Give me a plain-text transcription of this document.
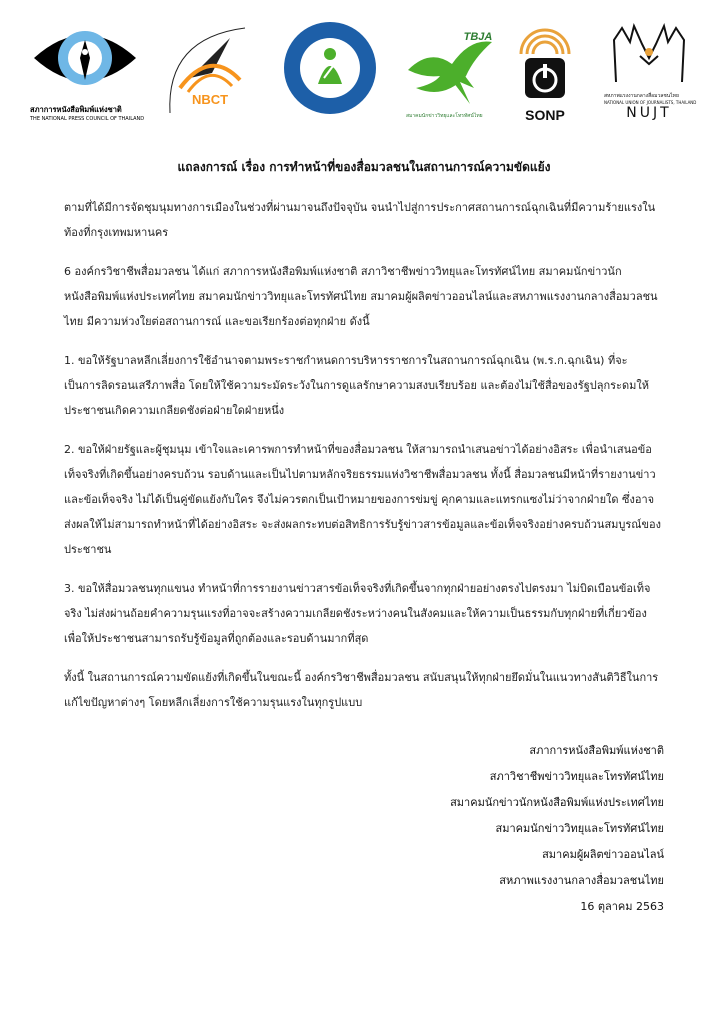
สภาการหนังสือพิมพ์แห่งชาติ
THE NATIONAL PRESS COUNCIL OF THAILAND
NBCT
TBJA
สมาคมนักข่าววิทยุและโทรทัศน์ไทย	SONP
สหภาพแรงงานกลางสื่อมวลชนไทย
NATIONAL UNION OF JOURNALISTS, THAILAND
NUJT
แถลงการณ์ เรื่อง การทำหน้าที่ของสื่อมวลชนในสถานการณ์ความขัดแย้ง

ตามที่ได้มีการจัดชุมนุมทางการเมืองในช่วงที่ผ่านมาจนถึงปัจจุบัน จนนำไปสู่การประกาศสถานการณ์ฉุกเฉินที่มีความร้ายแรงในท้องที่กรุงเทพมหานคร

6 องค์กรวิชาชีพสื่อมวลชน ได้แก่ สภาการหนังสือพิมพ์แห่งชาติ สภาวิชาชีพข่าววิทยุและโทรทัศน์ไทย สมาคมนักข่าวนักหนังสือพิมพ์แห่งประเทศไทย สมาคมนักข่าววิทยุและโทรทัศน์ไทย สมาคมผู้ผลิตข่าวออนไลน์และสหภาพแรงงานกลางสื่อมวลชนไทย มีความห่วงใยต่อสถานการณ์ และขอเรียกร้องต่อทุกฝ่าย ดังนี้

1. ขอให้รัฐบาลหลีกเลี่ยงการใช้อำนาจตามพระราชกำหนดการบริหารราชการในสถานการณ์ฉุกเฉิน (พ.ร.ก.ฉุกเฉิน) ที่จะเป็นการลิดรอนเสรีภาพสื่อ โดยให้ใช้ความระมัดระวังในการดูแลรักษาความสงบเรียบร้อย และต้องไม่ใช้สื่อของรัฐปลุกระดมให้ประชาชนเกิดความเกลียดชังต่อฝ่ายใดฝ่ายหนึ่ง

2. ขอให้ฝ่ายรัฐและผู้ชุมนุม เข้าใจและเคารพการทำหน้าที่ของสื่อมวลชน ให้สามารถนำเสนอข่าวได้อย่างอิสระ เพื่อนำเสนอข้อเท็จจริงที่เกิดขึ้นอย่างครบถ้วน รอบด้านและเป็นไปตามหลักจริยธรรมแห่งวิชาชีพสื่อมวลชน ทั้งนี้ สื่อมวลชนมีหน้าที่รายงานข่าวและข้อเท็จจริง ไม่ได้เป็นคู่ขัดแย้งกับใคร จึงไม่ควรตกเป็นเป้าหมายของการข่มขู่ คุกคามและแทรกแซงไม่ว่าจากฝ่ายใด ซึ่งอาจส่งผลให้ไม่สามารถทำหน้าที่ได้อย่างอิสระ จะส่งผลกระทบต่อสิทธิการรับรู้ข่าวสารข้อมูลและข้อเท็จจริงอย่างครบถ้วนสมบูรณ์ของประชาชน

3. ขอให้สื่อมวลชนทุกแขนง ทำหน้าที่การรายงานข่าวสารข้อเท็จจริงที่เกิดขึ้นจากทุกฝ่ายอย่างตรงไปตรงมา ไม่บิดเบือนข้อเท็จจริง ไม่ส่งผ่านถ้อยคำความรุนแรงที่อาจจะสร้างความเกลียดชังระหว่างคนในสังคมและให้ความเป็นธรรมกับทุกฝ่ายที่เกี่ยวข้อง เพื่อให้ประชาชนสามารถรับรู้ข้อมูลที่ถูกต้องและรอบด้านมากที่สุด

ทั้งนี้ ในสถานการณ์ความขัดแย้งที่เกิดขึ้นในขณะนี้ องค์กรวิชาชีพสื่อมวลชน สนับสนุนให้ทุกฝ่ายยึดมั่นในแนวทางสันติวิธีในการแก้ไขปัญหาต่างๆ โดยหลีกเลี่ยงการใช้ความรุนแรงในทุกรูปแบบ

สภาการหนังสือพิมพ์แห่งชาติ
สภาวิชาชีพข่าววิทยุและโทรทัศน์ไทย
สมาคมนักข่าวนักหนังสือพิมพ์แห่งประเทศไทย
สมาคมนักข่าววิทยุและโทรทัศน์ไทย
สมาคมผู้ผลิตข่าวออนไลน์
สหภาพแรงงานกลางสื่อมวลชนไทย
16 ตุลาคม 2563
